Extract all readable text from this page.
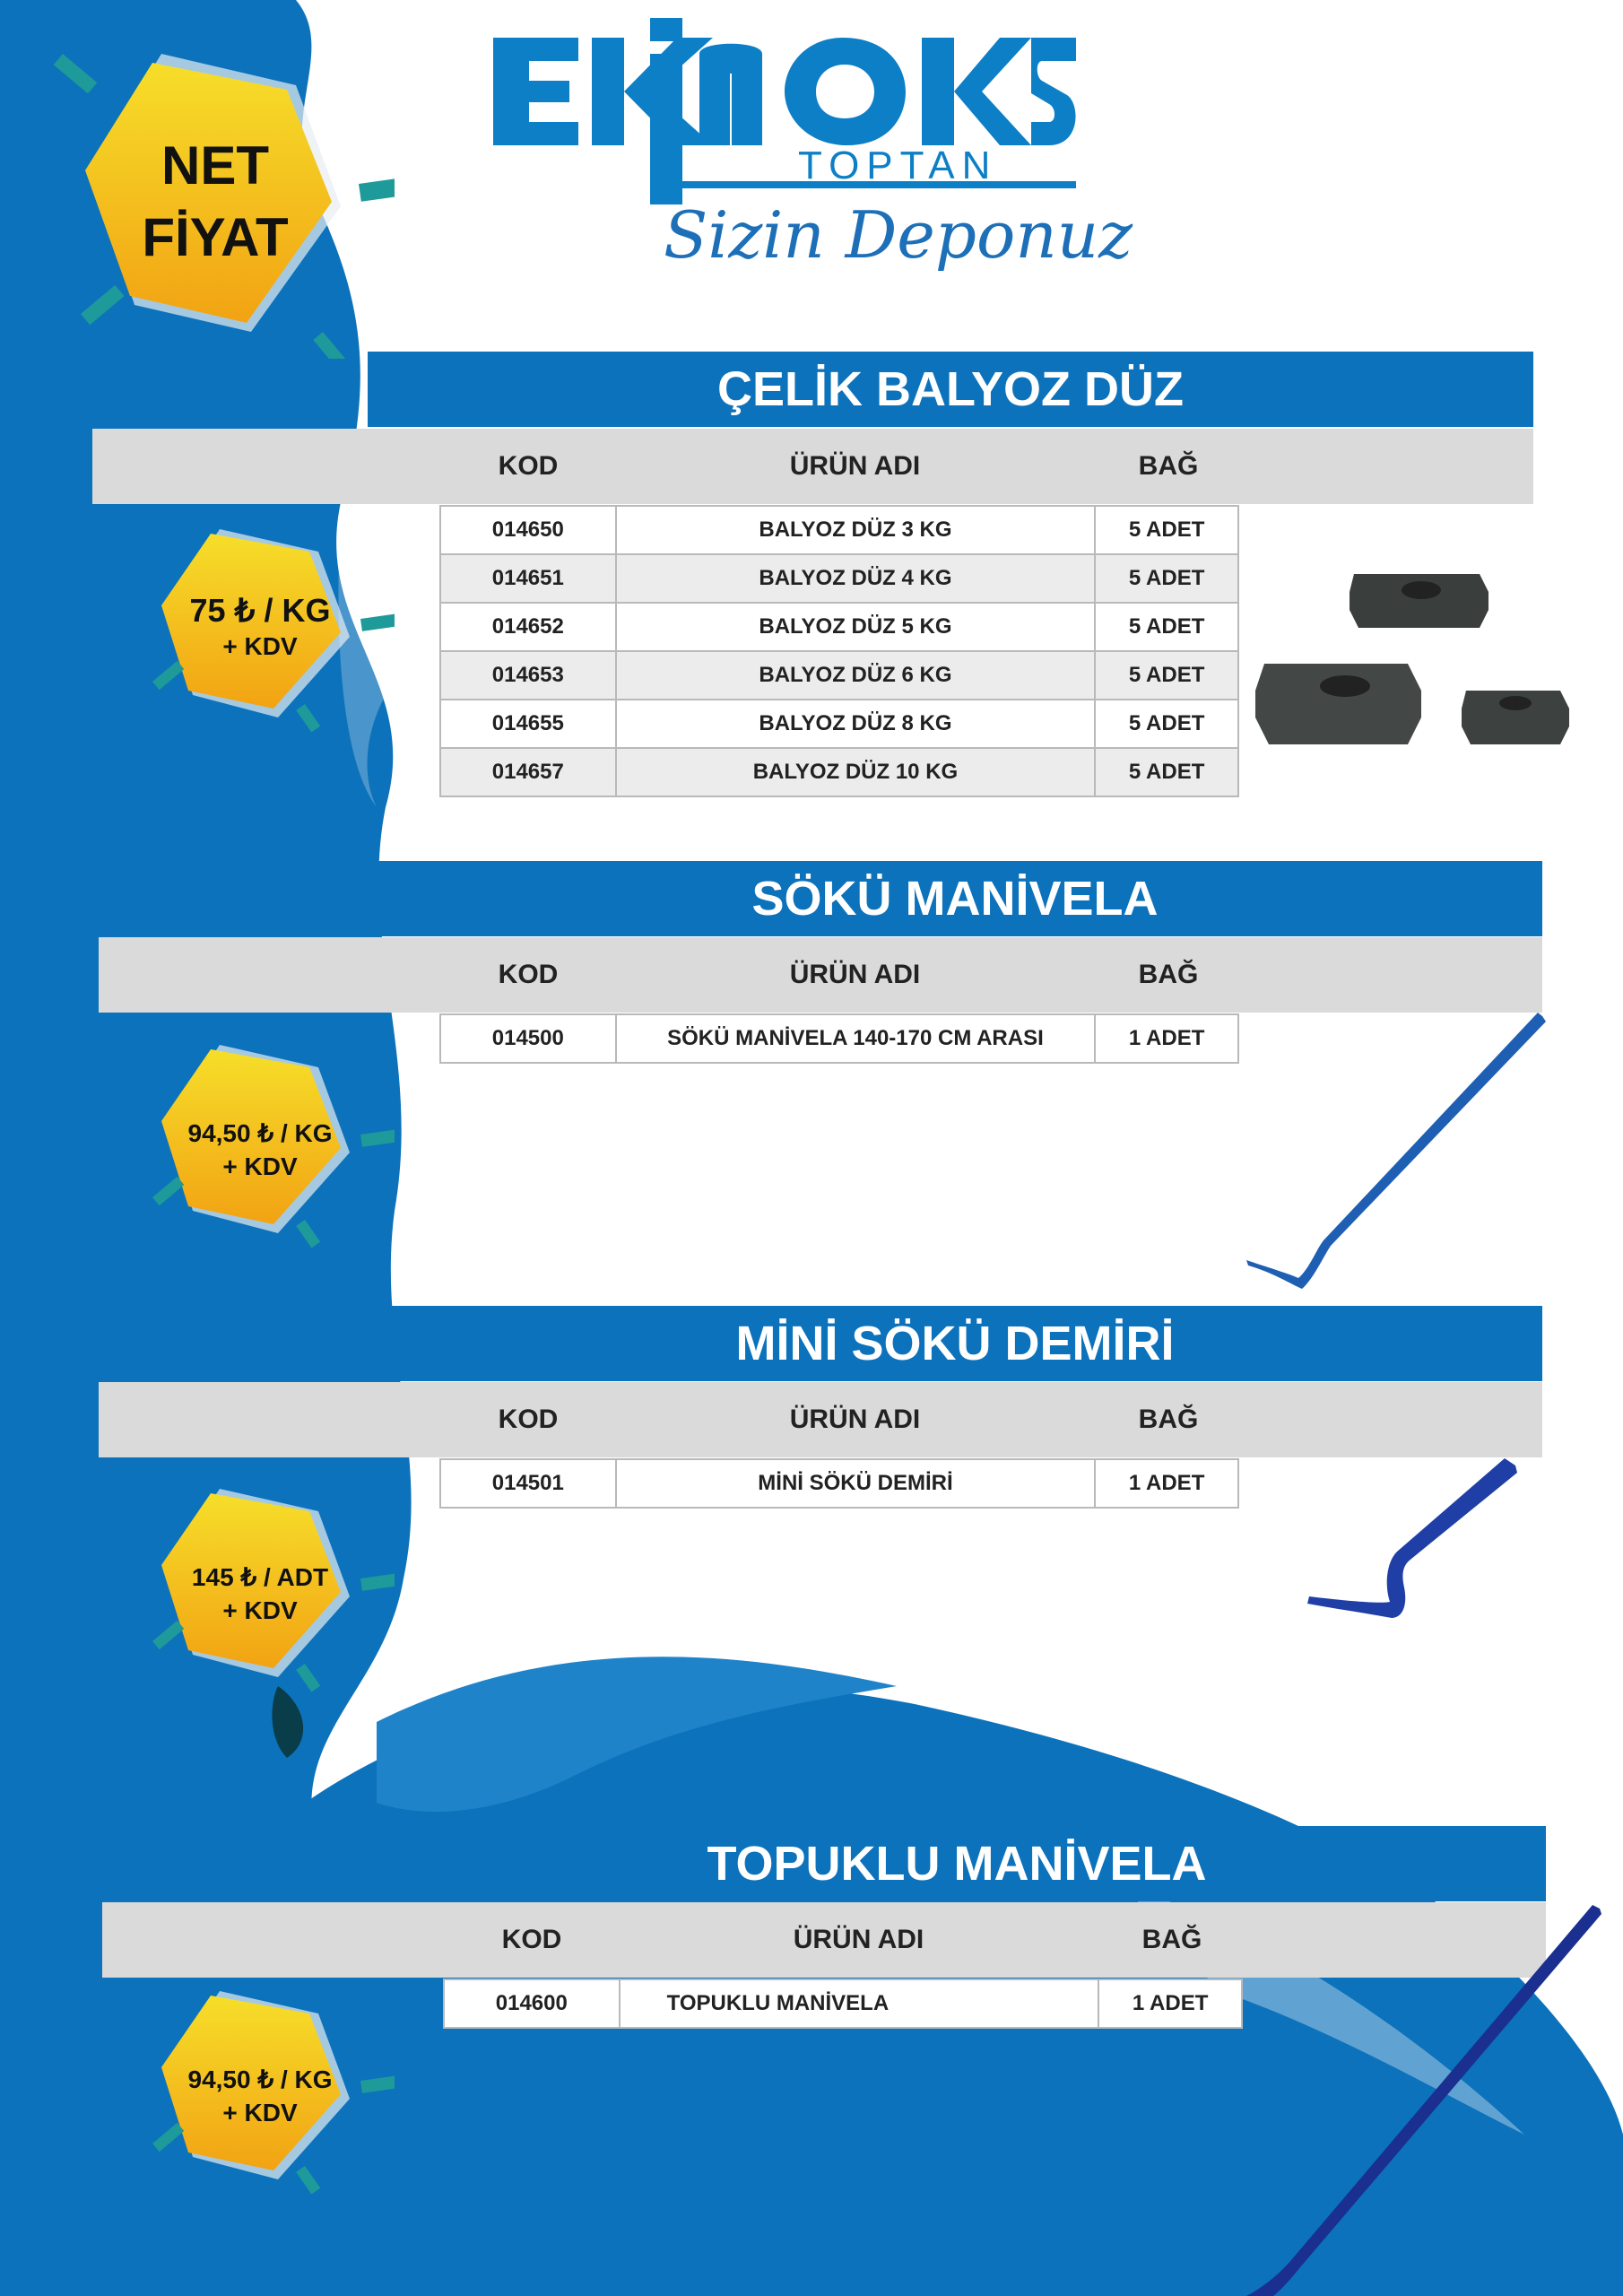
TOPTAN
Sizin Deponuz
NET
FİYAT
ÇELİK BALYOZ DÜZ
KOD	ÜRÜN ADI	BAĞ
014650	BALYOZ DÜZ 3 KG	5 ADET
014651	BALYOZ DÜZ 4 KG	5 ADET
014652	BALYOZ DÜZ 5 KG	5 ADET
014653	BALYOZ DÜZ 6 KG	5 ADET
014655	BALYOZ DÜZ 8 KG	5 ADET
014657	BALYOZ DÜZ 10 KG	5 ADET
75 ₺ / KG
+ KDV
SÖKÜ MANİVELA
KOD	ÜRÜN ADI	BAĞ
014500	SÖKÜ MANİVELA 140-170 CM ARASI	1 ADET
94,50 ₺ / KG
+ KDV
MİNİ SÖKÜ DEMİRİ
KOD	ÜRÜN ADI	BAĞ
014501	MİNİ SÖKÜ DEMİRİ	1 ADET
145 ₺ / ADT
+ KDV
TOPUKLU MANİVELA
KOD	ÜRÜN ADI	BAĞ
014600	TOPUKLU MANİVELA	1 ADET
94,50 ₺ / KG
+ KDV
